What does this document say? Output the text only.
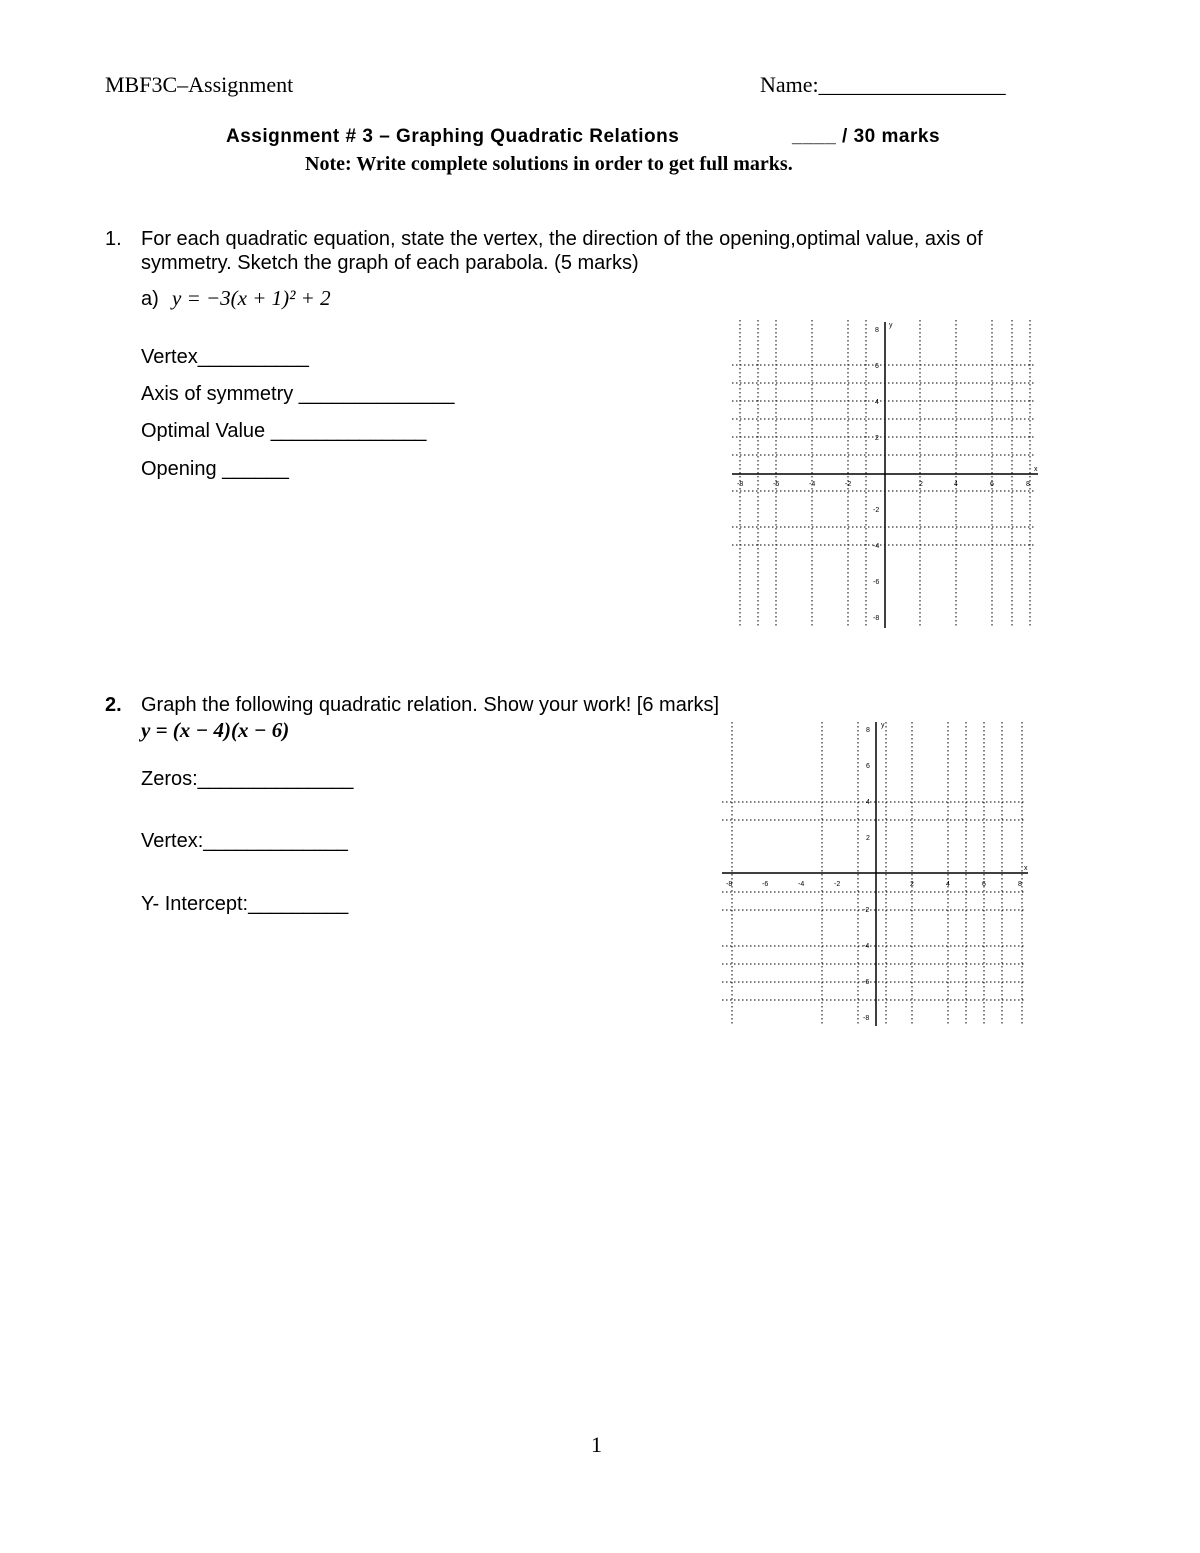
MBF3C–Assignment	Name:_________________
Assignment # 3 – Graphing Quadratic Relations	____ / 30 marks
Note: Write complete solutions in order to get full marks.
1. For each quadratic equation, state the vertex, the direction of the opening,optimal value, axis of
symmetry. Sketch the graph of each parabola. (5 marks)
a) y = −3(x + 1)² + 2
Vertex__________
Axis of symmetry ______________
Optimal Value ______________
Opening ______	x
y
-8	-6	-4	-2	2	4	6	8
8
6
4
2
-2
-4
-6
-8
2. Graph the following quadratic relation. Show your work! [6 marks]
y = (x − 4)(x − 6)
Zeros:______________
Vertex:_____________
Y- Intercept:_________
x
y
-8	-6	-4	-2	2	4	6	8
8
6
4
2
-2
-4
-6
-8
1
